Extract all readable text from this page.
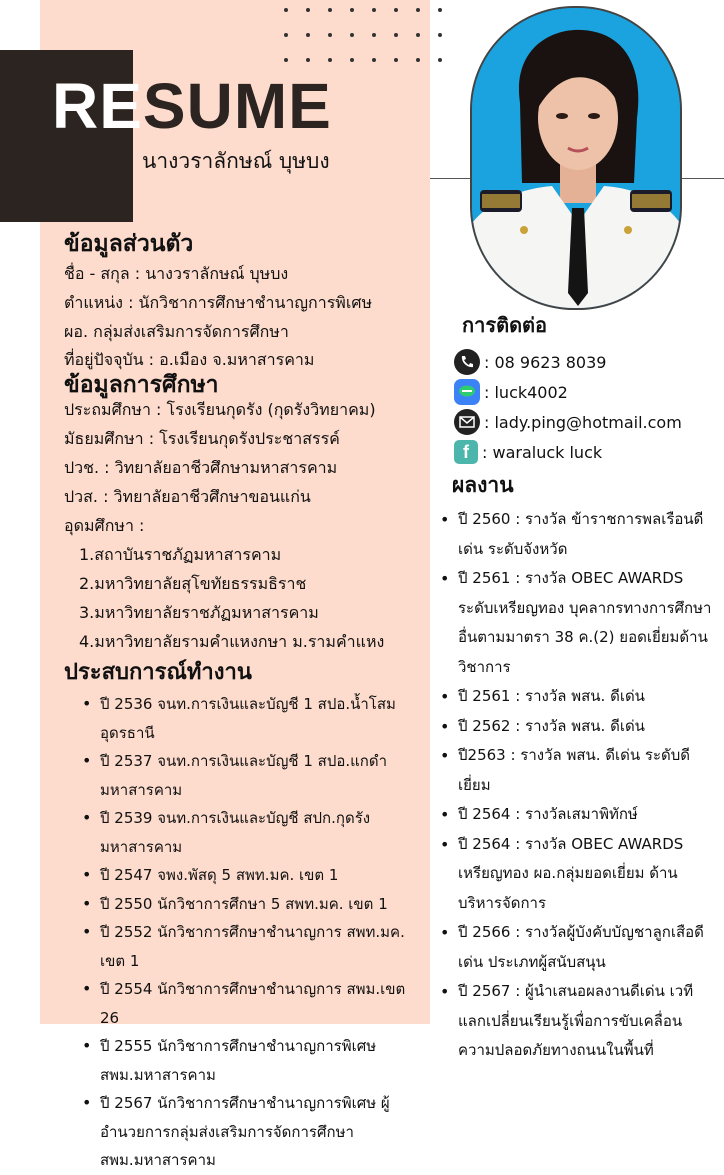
RESUME
นางวราลักษณ์ บุษบง
ข้อมูลส่วนตัว
ชื่อ - สกุล : นางวราลักษณ์ บุษบง
ตำแหน่ง : นักวิชาการศึกษาชำนาญการพิเศษ
ผอ. กลุ่มส่งเสริมการจัดการศึกษา
ที่อยู่ปัจจุบัน : อ.เมือง จ.มหาสารคาม
ข้อมูลการศึกษา
ประถมศึกษา : โรงเรียนกุดรัง (กุดรังวิทยาคม)
มัธยมศึกษา : โรงเรียนกุดรังประชาสรรค์
ปวช. : วิทยาลัยอาชีวศึกษามหาสารคาม
ปวส. : วิทยาลัยอาชีวศึกษาขอนแก่น
อุดมศึกษา :
1.สถาบันราชภัฏมหาสารคาม
2.มหาวิทยาลัยสุโขทัยธรรมธิราช
3.มหาวิทยาลัยราชภัฏมหาสารคาม
4.มหาวิทยาลัยรามคำแหงกษา ม.รามคำแหง
ประสบการณ์ทำงาน
• ปี 2536 จนท.การเงินและบัญชี 1 สปอ.น้ำโสม อุดรธานี
• ปี 2537 จนท.การเงินและบัญชี 1 สปอ.แกดำ มหาสารคาม
• ปี 2539 จนท.การเงินและบัญชี สปก.กุดรัง มหาสารคาม
• ปี 2547 จพง.พัสดุ 5 สพท.มค. เขต 1
• ปี 2550 นักวิชาการศึกษา 5 สพท.มค. เขต 1
• ปี 2552 นักวิชาการศึกษาชำนาญการ สพท.มค. เขต 1
• ปี 2554 นักวิชาการศึกษาชำนาญการ สพม.เขต 26
• ปี 2555 นักวิชาการศึกษาชำนาญการพิเศษ สพม.มหาสารคาม
• ปี 2567 นักวิชาการศึกษาชำนาญการพิเศษ ผู้อำนวยการกลุ่มส่งเสริมการจัดการศึกษา สพม.มหาสารคาม
การติดต่อ
: 08 9623 8039
: luck4002
: lady.ping@hotmail.com
f : waraluck luck
ผลงาน
• ปี 2560 : รางวัล ข้าราชการพลเรือนดีเด่น ระดับจังหวัด
• ปี 2561 : รางวัล OBEC AWARDS ระดับเหรียญทอง บุคลากรทางการศึกษาอื่นตามมาตรา 38 ค.(2) ยอดเยี่ยมด้านวิชาการ
• ปี 2561 : รางวัล พสน. ดีเด่น
• ปี 2562 : รางวัล พสน. ดีเด่น
• ปี2563 : รางวัล พสน. ดีเด่น ระดับดีเยี่ยม
• ปี 2564 : รางวัลเสมาพิทักษ์
• ปี 2564 : รางวัล OBEC AWARDS เหรียญทอง ผอ.กลุ่มยอดเยี่ยม ด้านบริหารจัดการ
• ปี 2566 : รางวัลผู้บังคับบัญชาลูกเสือดีเด่น ประเภทผู้สนับสนุน
• ปี 2567 : ผู้นำเสนอผลงานดีเด่น เวทีแลกเปลี่ยนเรียนรู้เพื่อการขับเคลื่อนความปลอดภัยทางถนนในพื้นที่
